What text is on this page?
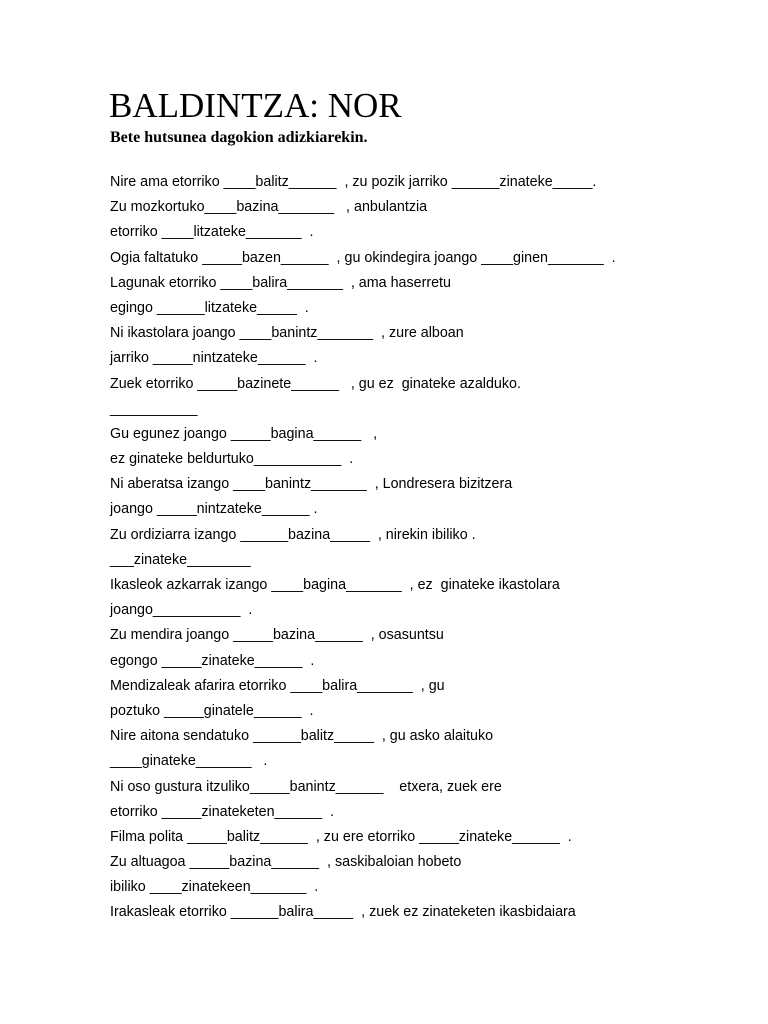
BALDINTZA: NOR

Bete hutsunea dagokion adizkiarekin.

Nire ama etorriko ____balitz______  , zu pozik jarriko ______zinateke_____.
Zu mozkortuko____bazina_______   , anbulantzia
etorriko ____litzateke_______  .
Ogia faltatuko _____bazen______  , gu okindegira joango ____ginen_______  .
Lagunak etorriko ____balira_______  , ama haserretu
egingo ______litzateke_____  .
Ni ikastolara joango ____banintz_______  , zure alboan
jarriko _____nintzateke______  .
Zuek etorriko _____bazinete______   , gu ez  ginateke azalduko.
___________
Gu egunez joango _____bagina______   ,
ez ginateke beldurtuko___________  .
Ni aberatsa izango ____banintz_______  , Londresera bizitzera
joango _____nintzateke______ .
Zu ordiziarra izango ______bazina_____  , nirekin ibiliko .
___zinateke________
Ikasleok azkarrak izango ____bagina_______  , ez  ginateke ikastolara
joango___________  .
Zu mendira joango _____bazina______  , osasuntsu
egongo _____zinateke______  .
Mendizaleak afarira etorriko ____balira_______  , gu
poztuko _____ginatele______  .
Nire aitona sendatuko ______balitz_____  , gu asko alaituko
____ginateke_______   .
Ni oso gustura itzuliko_____banintz______    etxera, zuek ere
etorriko _____zinateketen______  .
Filma polita _____balitz______  , zu ere etorriko _____zinateke______  .
Zu altuagoa _____bazina______  , saskibaloian hobeto
ibiliko ____zinatekeen_______  .
Irakasleak etorriko ______balira_____  , zuek ez zinateketen ikasbidaiara
